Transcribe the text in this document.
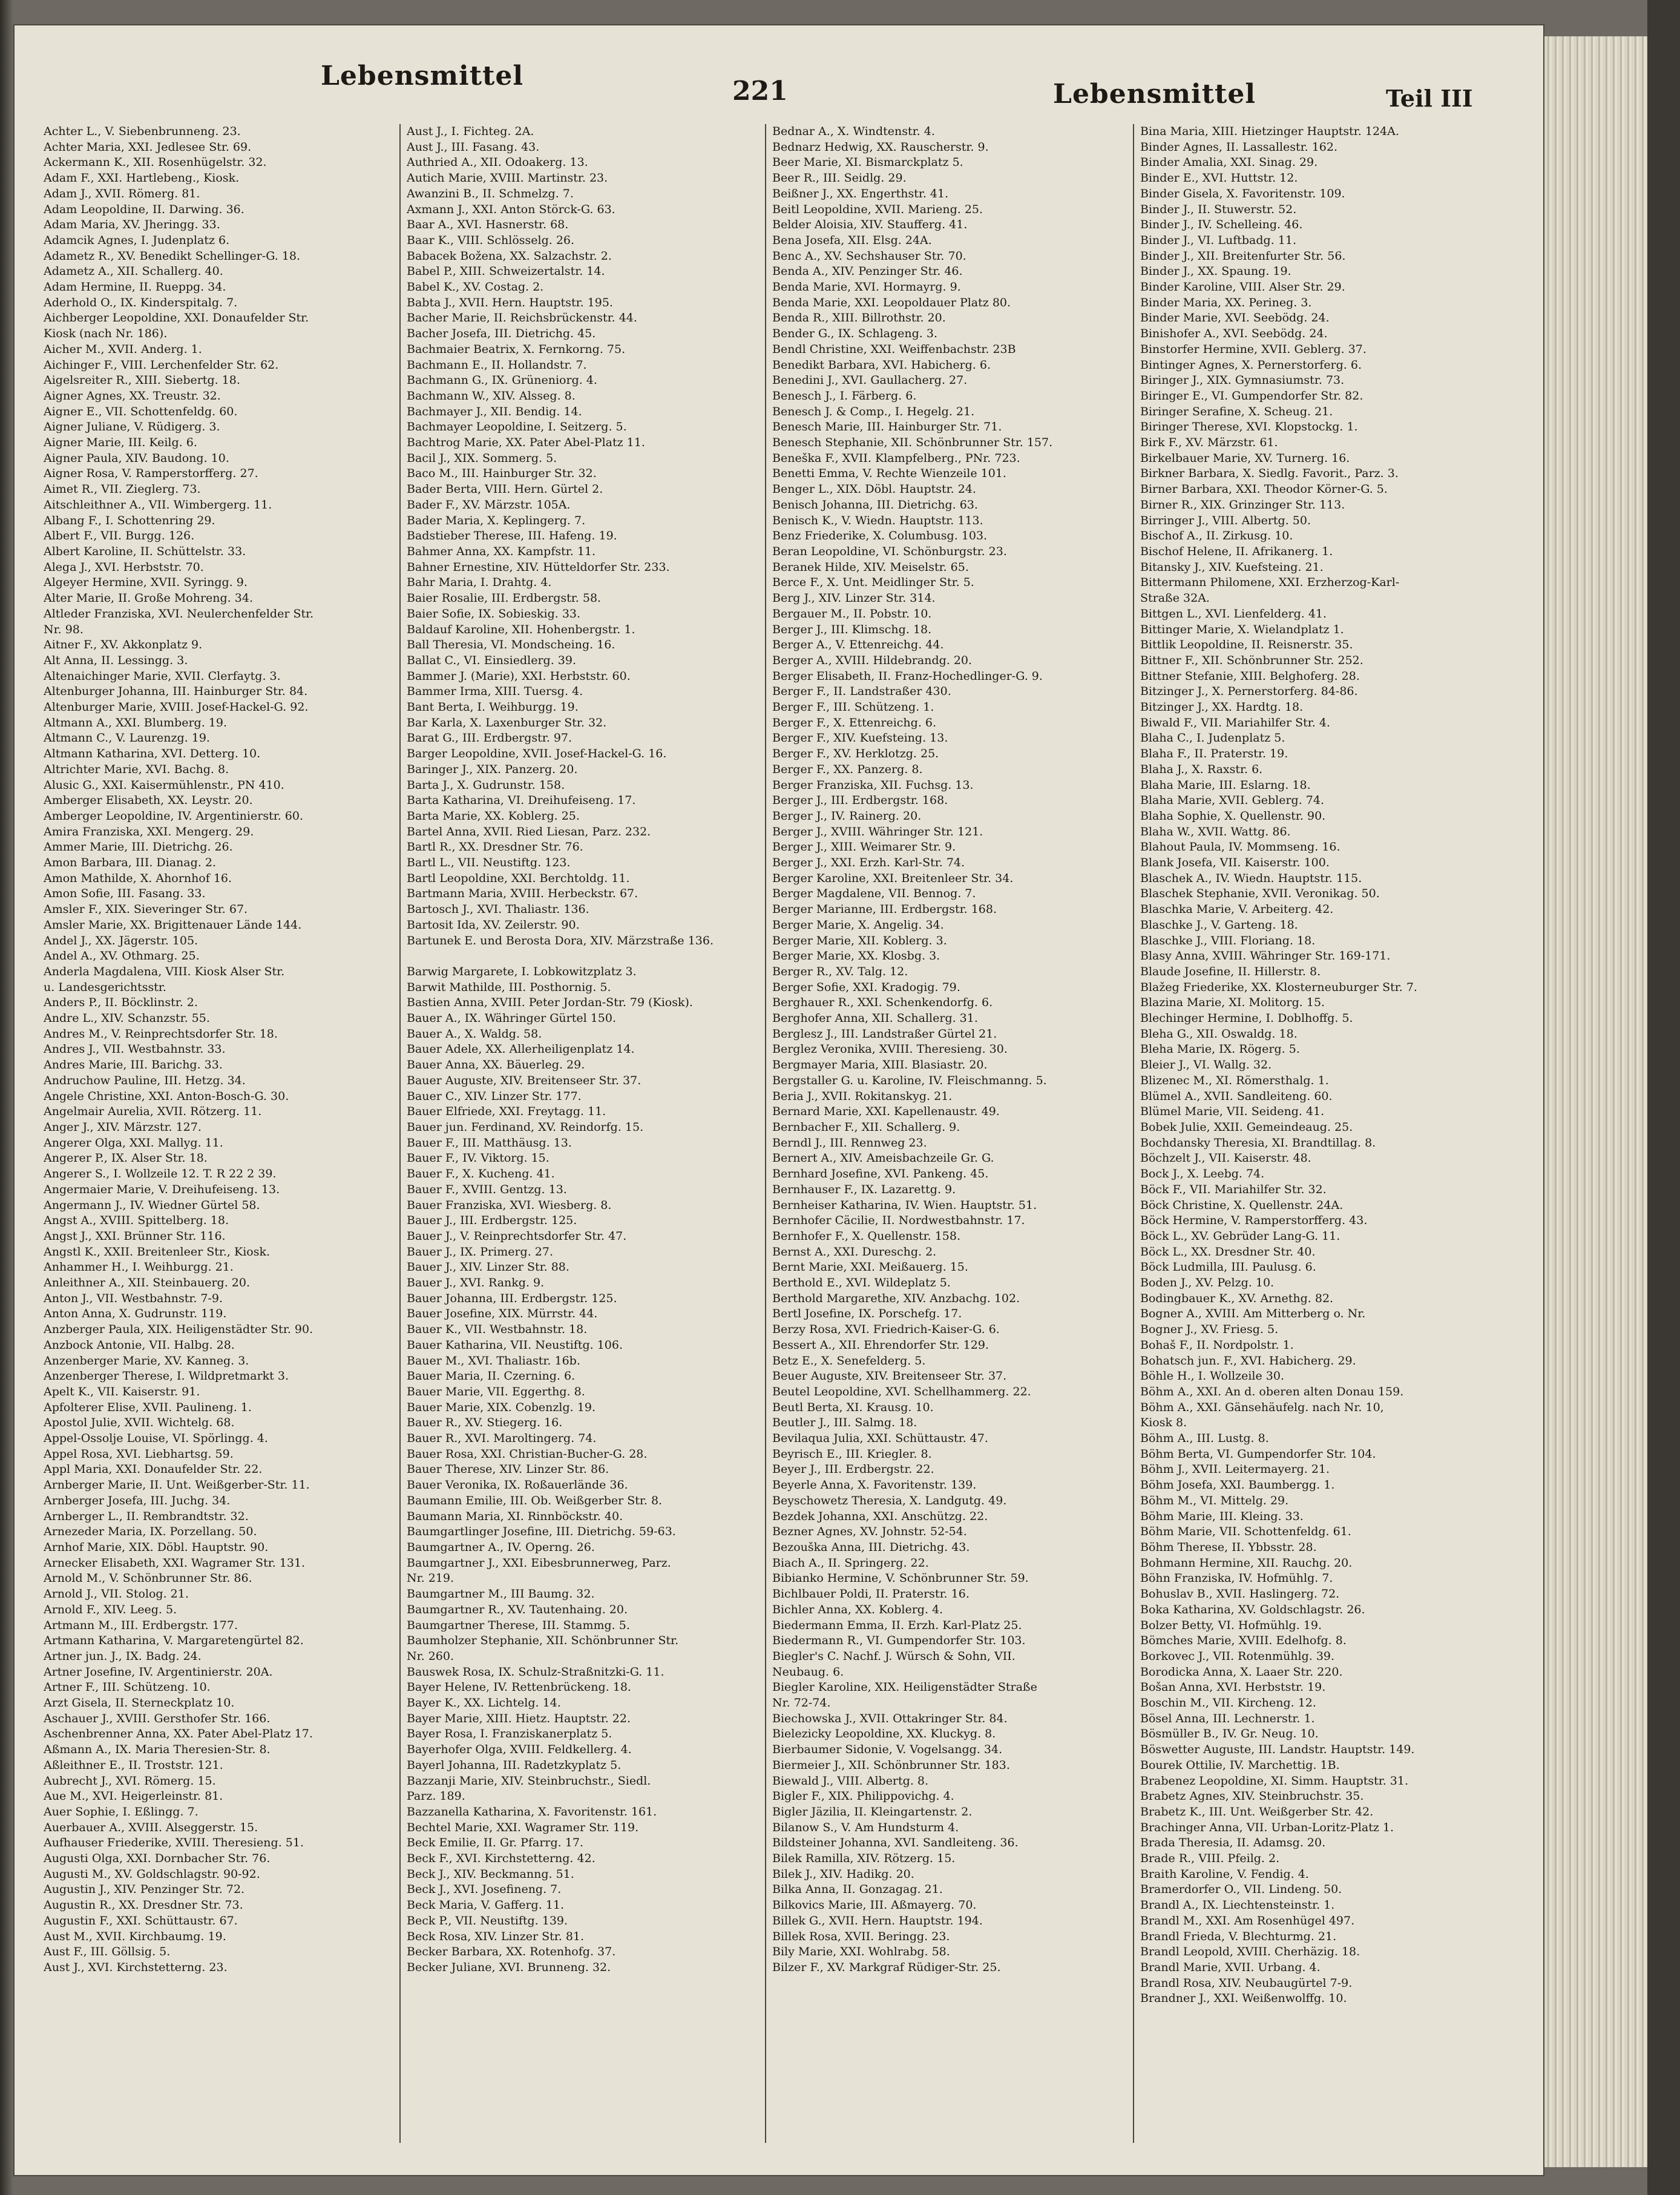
Lebensmittel	221	Lebensmittel	Teil III
Achter L., V. Siebenbrunneng. 23.
Achter Maria, XXI. Jedlesee Str. 69.
Ackermann K., XII. Rosenhügelstr. 32.
Adam F., XXI. Hartlebeng., Kiosk.
Adam J., XVII. Römerg. 81.
Adam Leopoldine, II. Darwing. 36.
Adam Maria, XV. Jheringg. 33.
Adamcik Agnes, I. Judenplatz 6.
Adametz R., XV. Benedikt Schellinger-G. 18.
Adametz A., XII. Schallerg. 40.
Adam Hermine, II. Rueppg. 34.
Aderhold O., IX. Kinderspitalg. 7.
Aichberger Leopoldine, XXI. Donaufelder Str.
Kiosk (nach Nr. 186).
Aicher M., XVII. Anderg. 1.
Aichinger F., VIII. Lerchenfelder Str. 62.
Aigelsreiter R., XIII. Siebertg. 18.
Aigner Agnes, XX. Treustr. 32.
Aigner E., VII. Schottenfeldg. 60.
Aigner Juliane, V. Rüdigerg. 3.
Aigner Marie, III. Keilg. 6.
Aigner Paula, XIV. Baudong. 10.
Aigner Rosa, V. Ramperstorfferg. 27.
Aimet R., VII. Zieglerg. 73.
Aitschleithner A., VII. Wimbergerg. 11.
Albang F., I. Schottenring 29.
Albert F., VII. Burgg. 126.
Albert Karoline, II. Schüttelstr. 33.
Alega J., XVI. Herbststr. 70.
Algeyer Hermine, XVII. Syringg. 9.
Alter Marie, II. Große Mohreng. 34.
Altleder Franziska, XVI. Neulerchenfelder Str.
Nr. 98.
Aitner F., XV. Akkonplatz 9.
Alt Anna, II. Lessingg. 3.
Altenaichinger Marie, XVII. Clerfaytg. 3.
Altenburger Johanna, III. Hainburger Str. 84.
Altenburger Marie, XVIII. Josef-Hackel-G. 92.
Altmann A., XXI. Blumberg. 19.
Altmann C., V. Laurenzg. 19.
Altmann Katharina, XVI. Detterg. 10.
Altrichter Marie, XVI. Bachg. 8.
Alusic G., XXI. Kaisermühlenstr., PN 410.
Amberger Elisabeth, XX. Leystr. 20.
Amberger Leopoldine, IV. Argentinierstr. 60.
Amira Franziska, XXI. Mengerg. 29.
Ammer Marie, III. Dietrichg. 26.
Amon Barbara, III. Dianag. 2.
Amon Mathilde, X. Ahornhof 16.
Amon Sofie, III. Fasang. 33.
Amsler F., XIX. Sieveringer Str. 67.
Amsler Marie, XX. Brigittenauer Lände 144.
Andel J., XX. Jägerstr. 105.
Andel A., XV. Othmarg. 25.
Anderla Magdalena, VIII. Kiosk Alser Str.
u. Landesgerichtsstr.
Anders P., II. Böcklinstr. 2.
Andre L., XIV. Schanzstr. 55.
Andres M., V. Reinprechtsdorfer Str. 18.
Andres J., VII. Westbahnstr. 33.
Andres Marie, III. Barichg. 33.
Andruchow Pauline, III. Hetzg. 34.
Angele Christine, XXI. Anton-Bosch-G. 30.
Angelmair Aurelia, XVII. Rötzerg. 11.
Anger J., XIV. Märzstr. 127.
Angerer Olga, XXI. Mallyg. 11.
Angerer P., IX. Alser Str. 18.
Angerer S., I. Wollzeile 12. T. R 22 2 39.
Angermaier Marie, V. Dreihufeiseng. 13.
Angermann J., IV. Wiedner Gürtel 58.
Angst A., XVIII. Spittelberg. 18.
Angst J., XXI. Brünner Str. 116.
Angstl K., XXII. Breitenleer Str., Kiosk.
Anhammer H., I. Weihburgg. 21.
Anleithner A., XII. Steinbauerg. 20.
Anton J., VII. Westbahnstr. 7-9.
Anton Anna, X. Gudrunstr. 119.
Anzberger Paula, XIX. Heiligenstädter Str. 90.
Anzbock Antonie, VII. Halbg. 28.
Anzenberger Marie, XV. Kanneg. 3.
Anzenberger Therese, I. Wildpretmarkt 3.
Apelt K., VII. Kaiserstr. 91.
Apfolterer Elise, XVII. Paulineng. 1.
Apostol Julie, XVII. Wichtelg. 68.
Appel-Ossolje Louise, VI. Spörlingg. 4.
Appel Rosa, XVI. Liebhartsg. 59.
Appl Maria, XXI. Donaufelder Str. 22.
Arnberger Marie, II. Unt. Weißgerber-Str. 11.
Arnberger Josefa, III. Juchg. 34.
Arnberger L., II. Rembrandtstr. 32.
Arnezeder Maria, IX. Porzellang. 50.
Arnhof Marie, XIX. Döbl. Hauptstr. 90.
Arnecker Elisabeth, XXI. Wagramer Str. 131.
Arnold M., V. Schönbrunner Str. 86.
Arnold J., VII. Stolog. 21.
Arnold F., XIV. Leeg. 5.
Artmann M., III. Erdbergstr. 177.
Artmann Katharina, V. Margaretengürtel 82.
Artner jun. J., IX. Badg. 24.
Artner Josefine, IV. Argentinierstr. 20A.
Artner F., III. Schützeng. 10.
Arzt Gisela, II. Sterneckplatz 10.
Aschauer J., XVIII. Gersthofer Str. 166.
Aschenbrenner Anna, XX. Pater Abel-Platz 17.
Aßmann A., IX. Maria Theresien-Str. 8.
Aßleithner E., II. Troststr. 121.
Aubrecht J., XVI. Römerg. 15.
Aue M., XVI. Heigerleinstr. 81.
Auer Sophie, I. Eßlingg. 7.
Auerbauer A., XVIII. Alseggerstr. 15.
Aufhauser Friederike, XVIII. Theresieng. 51.
Augusti Olga, XXI. Dornbacher Str. 76.
Augusti M., XV. Goldschlagstr. 90-92.
Augustin J., XIV. Penzinger Str. 72.
Augustin R., XX. Dresdner Str. 73.
Augustin F., XXI. Schüttaustr. 67.
Aust M., XVII. Kirchbaumg. 19.
Aust F., III. Göllsig. 5.
Aust J., XVI. Kirchstetterng. 23.
Aust J., I. Fichteg. 2A.
Aust J., III. Fasang. 43.
Authried A., XII. Odoakerg. 13.
Autich Marie, XVIII. Martinstr. 23.
Awanzini B., II. Schmelzg. 7.
Axmann J., XXI. Anton Störck-G. 63.
Baar A., XVI. Hasnerstr. 68.
Baar K., VIII. Schlösselg. 26.
Babacek Božena, XX. Salzachstr. 2.
Babel P., XIII. Schweizertalstr. 14.
Babel K., XV. Costag. 2.
Babta J., XVII. Hern. Hauptstr. 195.
Bacher Marie, II. Reichsbrückenstr. 44.
Bacher Josefa, III. Dietrichg. 45.
Bachmaier Beatrix, X. Fernkorng. 75.
Bachmann E., II. Hollandstr. 7.
Bachmann G., IX. Grüneniorg. 4.
Bachmann W., XIV. Alsseg. 8.
Bachmayer J., XII. Bendig. 14.
Bachmayer Leopoldine, I. Seitzerg. 5.
Bachtrog Marie, XX. Pater Abel-Platz 11.
Bacil J., XIX. Sommerg. 5.
Baco M., III. Hainburger Str. 32.
Bader Berta, VIII. Hern. Gürtel 2.
Bader F., XV. Märzstr. 105A.
Bader Maria, X. Keplingerg. 7.
Badstieber Therese, III. Hafeng. 19.
Bahmer Anna, XX. Kampfstr. 11.
Bahner Ernestine, XIV. Hütteldorfer Str. 233.
Bahr Maria, I. Drahtg. 4.
Baier Rosalie, III. Erdbergstr. 58.
Baier Sofie, IX. Sobieskig. 33.
Baldauf Karoline, XII. Hohenbergstr. 1.
Ball Theresia, VI. Mondscheing. 16.
Ballat C., VI. Einsiedlerg. 39.
Bammer J. (Marie), XXI. Herbststr. 60.
Bammer Irma, XIII. Tuersg. 4.
Bant Berta, I. Weihburgg. 19.
Bar Karla, X. Laxenburger Str. 32.
Barat G., III. Erdbergstr. 97.
Barger Leopoldine, XVII. Josef-Hackel-G. 16.
Baringer J., XIX. Panzerg. 20.
Barta J., X. Gudrunstr. 158.
Barta Katharina, VI. Dreihufeiseng. 17.
Barta Marie, XX. Koblerg. 25.
Bartel Anna, XVII. Ried Liesan, Parz. 232.
Bartl R., XX. Dresdner Str. 76.
Bartl L., VII. Neustiftg. 123.
Bartl Leopoldine, XXI. Berchtoldg. 11.
Bartmann Maria, XVIII. Herbeckstr. 67.
Bartosch J., XVI. Thaliastr. 136.
Bartosit Ida, XV. Zeilerstr. 90.
Bartunek E. und Berosta Dora, XIV. Märzstraße 136.

Barwig Margarete, I. Lobkowitzplatz 3.
Barwit Mathilde, III. Posthornig. 5.
Bastien Anna, XVIII. Peter Jordan-Str. 79 (Kiosk).
Bauer A., IX. Währinger Gürtel 150.
Bauer A., X. Waldg. 58.
Bauer Adele, XX. Allerheiligenplatz 14.
Bauer Anna, XX. Bäuerleg. 29.
Bauer Auguste, XIV. Breitenseer Str. 37.
Bauer C., XIV. Linzer Str. 177.
Bauer Elfriede, XXI. Freytagg. 11.
Bauer jun. Ferdinand, XV. Reindorfg. 15.
Bauer F., III. Matthäusg. 13.
Bauer F., IV. Viktorg. 15.
Bauer F., X. Kucheng. 41.
Bauer F., XVIII. Gentzg. 13.
Bauer Franziska, XVI. Wiesberg. 8.
Bauer J., III. Erdbergstr. 125.
Bauer J., V. Reinprechtsdorfer Str. 47.
Bauer J., IX. Primerg. 27.
Bauer J., XIV. Linzer Str. 88.
Bauer J., XVI. Rankg. 9.
Bauer Johanna, III. Erdbergstr. 125.
Bauer Josefine, XIX. Mürrstr. 44.
Bauer K., VII. Westbahnstr. 18.
Bauer Katharina, VII. Neustiftg. 106.
Bauer M., XVI. Thaliastr. 16b.
Bauer Maria, II. Czerning. 6.
Bauer Marie, VII. Eggerthg. 8.
Bauer Marie, XIX. Cobenzlg. 19.
Bauer R., XV. Stiegerg. 16.
Bauer R., XVI. Maroltingerg. 74.
Bauer Rosa, XXI. Christian-Bucher-G. 28.
Bauer Therese, XIV. Linzer Str. 86.
Bauer Veronika, IX. Roßauerlände 36.
Baumann Emilie, III. Ob. Weißgerber Str. 8.
Baumann Maria, XI. Rinnböckstr. 40.
Baumgartlinger Josefine, III. Dietrichg. 59-63.
Baumgartner A., IV. Operng. 26.
Baumgartner J., XXI. Eibesbrunnerweg, Parz.
Nr. 219.
Baumgartner M., III Baumg. 32.
Baumgartner R., XV. Tautenhaing. 20.
Baumgartner Therese, III. Stammg. 5.
Baumholzer Stephanie, XII. Schönbrunner Str.
Nr. 260.
Bauswek Rosa, IX. Schulz-Straßnitzki-G. 11.
Bayer Helene, IV. Rettenbrückeng. 18.
Bayer K., XX. Lichtelg. 14.
Bayer Marie, XIII. Hietz. Hauptstr. 22.
Bayer Rosa, I. Franziskanerplatz 5.
Bayerhofer Olga, XVIII. Feldkellerg. 4.
Bayerl Johanna, III. Radetzkyplatz 5.
Bazzanji Marie, XIV. Steinbruchstr., Siedl.
Parz. 189.
Bazzanella Katharina, X. Favoritenstr. 161.
Bechtel Marie, XXI. Wagramer Str. 119.
Beck Emilie, II. Gr. Pfarrg. 17.
Beck F., XVI. Kirchstetterng. 42.
Beck J., XIV. Beckmanng. 51.
Beck J., XVI. Josefineng. 7.
Beck Maria, V. Gafferg. 11.
Beck P., VII. Neustiftg. 139.
Beck Rosa, XIV. Linzer Str. 81.
Becker Barbara, XX. Rotenhofg. 37.
Becker Juliane, XVI. Brunneng. 32.
Bednar A., X. Windtenstr. 4.
Bednarz Hedwig, XX. Rauscherstr. 9.
Beer Marie, XI. Bismarckplatz 5.
Beer R., III. Seidlg. 29.
Beißner J., XX. Engerthstr. 41.
Beitl Leopoldine, XVII. Marieng. 25.
Belder Aloisia, XIV. Staufferg. 41.
Bena Josefa, XII. Elsg. 24A.
Benc A., XV. Sechshauser Str. 70.
Benda A., XIV. Penzinger Str. 46.
Benda Marie, XVI. Hormayrg. 9.
Benda Marie, XXI. Leopoldauer Platz 80.
Benda R., XIII. Billrothstr. 20.
Bender G., IX. Schlageng. 3.
Bendl Christine, XXI. Weiffenbachstr. 23B
Benedikt Barbara, XVI. Habicherg. 6.
Benedini J., XVI. Gaullacherg. 27.
Benesch J., I. Färberg. 6.
Benesch J. & Comp., I. Hegelg. 21.
Benesch Marie, III. Hainburger Str. 71.
Benesch Stephanie, XII. Schönbrunner Str. 157.
Beneška F., XVII. Klampfelberg., PNr. 723.
Benetti Emma, V. Rechte Wienzeile 101.
Benger L., XIX. Döbl. Hauptstr. 24.
Benisch Johanna, III. Dietrichg. 63.
Benisch K., V. Wiedn. Hauptstr. 113.
Benz Friederike, X. Columbusg. 103.
Beran Leopoldine, VI. Schönburgstr. 23.
Beranek Hilde, XIV. Meiselstr. 65.
Berce F., X. Unt. Meidlinger Str. 5.
Berg J., XIV. Linzer Str. 314.
Bergauer M., II. Pobstr. 10.
Berger J., III. Klimschg. 18.
Berger A., V. Ettenreichg. 44.
Berger A., XVIII. Hildebrandg. 20.
Berger Elisabeth, II. Franz-Hochedlinger-G. 9.
Berger F., II. Landstraßer 430.
Berger F., III. Schützeng. 1.
Berger F., X. Ettenreichg. 6.
Berger F., XIV. Kuefsteing. 13.
Berger F., XV. Herklotzg. 25.
Berger F., XX. Panzerg. 8.
Berger Franziska, XII. Fuchsg. 13.
Berger J., III. Erdbergstr. 168.
Berger J., IV. Rainerg. 20.
Berger J., XVIII. Währinger Str. 121.
Berger J., XIII. Weimarer Str. 9.
Berger J., XXI. Erzh. Karl-Str. 74.
Berger Karoline, XXI. Breitenleer Str. 34.
Berger Magdalene, VII. Bennog. 7.
Berger Marianne, III. Erdbergstr. 168.
Berger Marie, X. Angelig. 34.
Berger Marie, XII. Koblerg. 3.
Berger Marie, XX. Klosbg. 3.
Berger R., XV. Talg. 12.
Berger Sofie, XXI. Kradogig. 79.
Berghauer R., XXI. Schenkendorfg. 6.
Berghofer Anna, XII. Schallerg. 31.
Berglesz J., III. Landstraßer Gürtel 21.
Berglez Veronika, XVIII. Theresieng. 30.
Bergmayer Maria, XIII. Blasiastr. 20.
Bergstaller G. u. Karoline, IV. Fleischmanng. 5.
Beria J., XVII. Rokitanskyg. 21.
Bernard Marie, XXI. Kapellenaustr. 49.
Bernbacher F., XII. Schallerg. 9.
Berndl J., III. Rennweg 23.
Bernert A., XIV. Ameisbachzeile Gr. G.
Bernhard Josefine, XVI. Pankeng. 45.
Bernhauser F., IX. Lazarettg. 9.
Bernheiser Katharina, IV. Wien. Hauptstr. 51.
Bernhofer Cäcilie, II. Nordwestbahnstr. 17.
Bernhofer F., X. Quellenstr. 158.
Bernst A., XXI. Dureschg. 2.
Bernt Marie, XXI. Meißauerg. 15.
Berthold E., XVI. Wildeplatz 5.
Berthold Margarethe, XIV. Anzbachg. 102.
Bertl Josefine, IX. Porschefg. 17.
Berzy Rosa, XVI. Friedrich-Kaiser-G. 6.
Bessert A., XII. Ehrendorfer Str. 129.
Betz E., X. Senefelderg. 5.
Beuer Auguste, XIV. Breitenseer Str. 37.
Beutel Leopoldine, XVI. Schellhammerg. 22.
Beutl Berta, XI. Krausg. 10.
Beutler J., III. Salmg. 18.
Bevilaqua Julia, XXI. Schüttaustr. 47.
Beyrisch E., III. Kriegler. 8.
Beyer J., III. Erdbergstr. 22.
Beyerle Anna, X. Favoritenstr. 139.
Beyschowetz Theresia, X. Landgutg. 49.
Bezdek Johanna, XXI. Anschützg. 22.
Bezner Agnes, XV. Johnstr. 52-54.
Bezouška Anna, III. Dietrichg. 43.
Biach A., II. Springerg. 22.
Bibianko Hermine, V. Schönbrunner Str. 59.
Bichlbauer Poldi, II. Praterstr. 16.
Bichler Anna, XX. Koblerg. 4.
Biedermann Emma, II. Erzh. Karl-Platz 25.
Biedermann R., VI. Gumpendorfer Str. 103.
Biegler's C. Nachf. J. Würsch & Sohn, VII.
Neubaug. 6.
Biegler Karoline, XIX. Heiligenstädter Straße
Nr. 72-74.
Biechowska J., XVII. Ottakringer Str. 84.
Bielezicky Leopoldine, XX. Kluckyg. 8.
Bierbaumer Sidonie, V. Vogelsangg. 34.
Biermeier J., XII. Schönbrunner Str. 183.
Biewald J., VIII. Albertg. 8.
Bigler F., XIX. Philippovichg. 4.
Bigler Jäzilia, II. Kleingartenstr. 2.
Bilanow S., V. Am Hundsturm 4.
Bildsteiner Johanna, XVI. Sandleiteng. 36.
Bilek Ramilla, XIV. Rötzerg. 15.
Bilek J., XIV. Hadikg. 20.
Bilka Anna, II. Gonzagag. 21.
Bilkovics Marie, III. Aßmayerg. 70.
Billek G., XVII. Hern. Hauptstr. 194.
Billek Rosa, XVII. Beringg. 23.
Bily Marie, XXI. Wohlrabg. 58.
Bilzer F., XV. Markgraf Rüdiger-Str. 25.
Bina Maria, XIII. Hietzinger Hauptstr. 124A.
Binder Agnes, II. Lassallestr. 162.
Binder Amalia, XXI. Sinag. 29.
Binder E., XVI. Huttstr. 12.
Binder Gisela, X. Favoritenstr. 109.
Binder J., II. Stuwerstr. 52.
Binder J., IV. Schelleing. 46.
Binder J., VI. Luftbadg. 11.
Binder J., XII. Breitenfurter Str. 56.
Binder J., XX. Spaung. 19.
Binder Karoline, VIII. Alser Str. 29.
Binder Maria, XX. Perineg. 3.
Binder Marie, XVI. Seebödg. 24.
Binishofer A., XVI. Seebödg. 24.
Binstorfer Hermine, XVII. Geblerg. 37.
Bintinger Agnes, X. Pernerstorferg. 6.
Biringer J., XIX. Gymnasiumstr. 73.
Biringer E., VI. Gumpendorfer Str. 82.
Biringer Serafine, X. Scheug. 21.
Biringer Therese, XVI. Klopstockg. 1.
Birk F., XV. Märzstr. 61.
Birkelbauer Marie, XV. Turnerg. 16.
Birkner Barbara, X. Siedlg. Favorit., Parz. 3.
Birner Barbara, XXI. Theodor Körner-G. 5.
Birner R., XIX. Grinzinger Str. 113.
Birringer J., VIII. Albertg. 50.
Bischof A., II. Zirkusg. 10.
Bischof Helene, II. Afrikanerg. 1.
Bitansky J., XIV. Kuefsteing. 21.
Bittermann Philomene, XXI. Erzherzog-Karl-
Straße 32A.
Bittgen L., XVI. Lienfelderg. 41.
Bittinger Marie, X. Wielandplatz 1.
Bittlik Leopoldine, II. Reisnerstr. 35.
Bittner F., XII. Schönbrunner Str. 252.
Bittner Stefanie, XIII. Belghoferg. 28.
Bitzinger J., X. Pernerstorferg. 84-86.
Bitzinger J., XX. Hardtg. 18.
Biwald F., VII. Mariahilfer Str. 4.
Blaha C., I. Judenplatz 5.
Blaha F., II. Praterstr. 19.
Blaha J., X. Raxstr. 6.
Blaha Marie, III. Eslarng. 18.
Blaha Marie, XVII. Geblerg. 74.
Blaha Sophie, X. Quellenstr. 90.
Blaha W., XVII. Wattg. 86.
Blahout Paula, IV. Mommseng. 16.
Blank Josefa, VII. Kaiserstr. 100.
Blaschek A., IV. Wiedn. Hauptstr. 115.
Blaschek Stephanie, XVII. Veronikag. 50.
Blaschka Marie, V. Arbeiterg. 42.
Blaschke J., V. Garteng. 18.
Blaschke J., VIII. Floriang. 18.
Blasy Anna, XVIII. Währinger Str. 169-171.
Blaude Josefine, II. Hillerstr. 8.
Blažeg Friederike, XX. Klosterneuburger Str. 7.
Blazina Marie, XI. Molitorg. 15.
Blechinger Hermine, I. Doblhoffg. 5.
Bleha G., XII. Oswaldg. 18.
Bleha Marie, IX. Rögerg. 5.
Bleier J., VI. Wallg. 32.
Blizenec M., XI. Römersthalg. 1.
Blümel A., XVII. Sandleiteng. 60.
Blümel Marie, VII. Seideng. 41.
Bobek Julie, XXII. Gemeindeaug. 25.
Bochdansky Theresia, XI. Brandtillag. 8.
Böchzelt J., VII. Kaiserstr. 48.
Bock J., X. Leebg. 74.
Böck F., VII. Mariahilfer Str. 32.
Böck Christine, X. Quellenstr. 24A.
Böck Hermine, V. Ramperstorfferg. 43.
Böck L., XV. Gebrüder Lang-G. 11.
Böck L., XX. Dresdner Str. 40.
Böck Ludmilla, III. Paulusg. 6.
Boden J., XV. Pelzg. 10.
Bodingbauer K., XV. Arnethg. 82.
Bogner A., XVIII. Am Mitterberg o. Nr.
Bogner J., XV. Friesg. 5.
Bohaš F., II. Nordpolstr. 1.
Bohatsch jun. F., XVI. Habicherg. 29.
Böhle H., I. Wollzeile 30.
Böhm A., XXI. An d. oberen alten Donau 159.
Böhm A., XXI. Gänsehäufelg. nach Nr. 10,
Kiosk 8.
Böhm A., III. Lustg. 8.
Böhm Berta, VI. Gumpendorfer Str. 104.
Böhm J., XVII. Leitermayerg. 21.
Böhm Josefa, XXI. Baumbergg. 1.
Böhm M., VI. Mittelg. 29.
Böhm Marie, III. Kleing. 33.
Böhm Marie, VII. Schottenfeldg. 61.
Böhm Therese, II. Ybbsstr. 28.
Bohmann Hermine, XII. Rauchg. 20.
Böhn Franziska, IV. Hofmühlg. 7.
Bohuslav B., XVII. Haslingerg. 72.
Boka Katharina, XV. Goldschlagstr. 26.
Bolzer Betty, VI. Hofmühlg. 19.
Bömches Marie, XVIII. Edelhofg. 8.
Borkovec J., VII. Rotenmühlg. 39.
Borodicka Anna, X. Laaer Str. 220.
Bošan Anna, XVI. Herbststr. 19.
Boschin M., VII. Kircheng. 12.
Bösel Anna, III. Lechnerstr. 1.
Bösmüller B., IV. Gr. Neug. 10.
Böswetter Auguste, III. Landstr. Hauptstr. 149.
Bourek Ottilie, IV. Marchettig. 1B.
Brabenez Leopoldine, XI. Simm. Hauptstr. 31.
Brabetz Agnes, XIV. Steinbruchstr. 35.
Brabetz K., III. Unt. Weißgerber Str. 42.
Brachinger Anna, VII. Urban-Loritz-Platz 1.
Brada Theresia, II. Adamsg. 20.
Brade R., VIII. Pfeilg. 2.
Braith Karoline, V. Fendig. 4.
Bramerdorfer O., VII. Lindeng. 50.
Brandl A., IX. Liechtensteinstr. 1.
Brandl M., XXI. Am Rosenhügel 497.
Brandl Frieda, V. Blechturmg. 21.
Brandl Leopold, XVIII. Cherhäzig. 18.
Brandl Marie, XVII. Urbang. 4.
Brandl Rosa, XIV. Neubaugürtel 7-9.
Brandner J., XXI. Weißenwolffg. 10.
